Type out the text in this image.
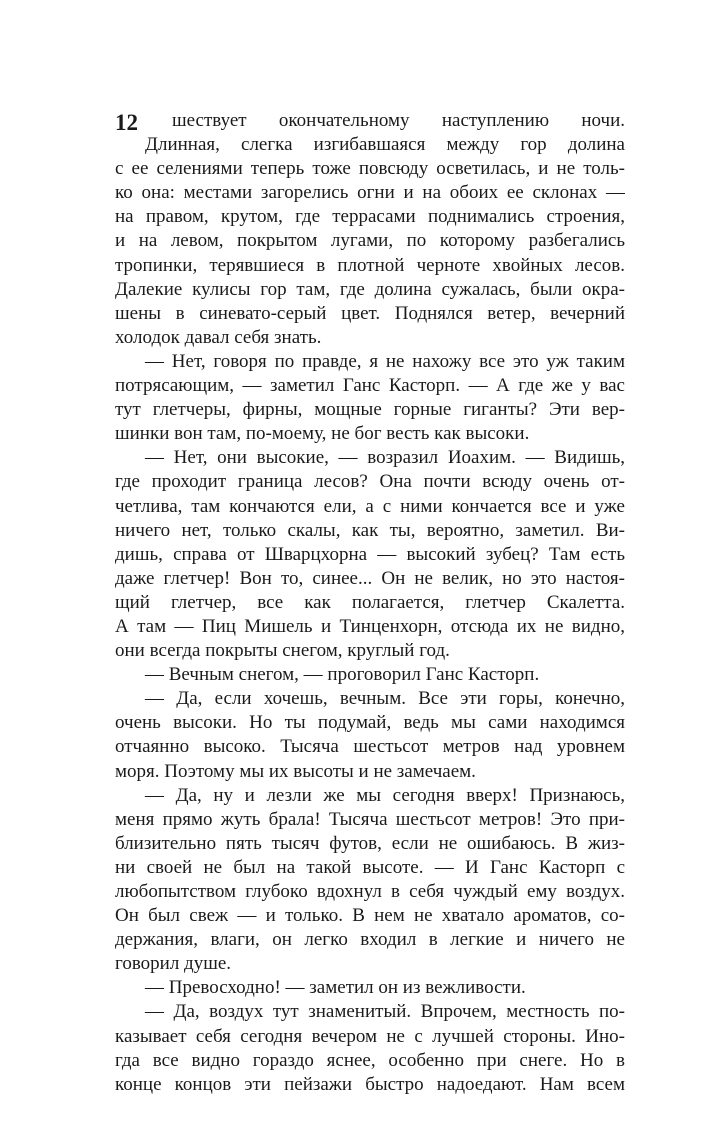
12	шествует окончательному наступлению ночи.
Длинная, слегка изгибавшаяся между гор долина
с ее селениями теперь тоже повсюду осветилась, и не толь-
ко она: местами загорелись огни и на обоих ее склонах —
на правом, крутом, где террасами поднимались строения,
и на левом, покрытом лугами, по которому разбегались
тропинки, терявшиеся в плотной черноте хвойных лесов.
Далекие кулисы гор там, где долина сужалась, были окра-
шены в синевато-серый цвет. Поднялся ветер, вечерний
холодок давал себя знать.
— Нет, говоря по правде, я не нахожу все это уж таким
потрясающим, — заметил Ганс Касторп. — А где же у вас
тут глетчеры, фирны, мощные горные гиганты? Эти вер-
шинки вон там, по-моему, не бог весть как высоки.
— Нет, они высокие, — возразил Иоахим. — Видишь,
где проходит граница лесов? Она почти всюду очень от-
четлива, там кончаются ели, а с ними кончается все и уже
ничего нет, только скалы, как ты, вероятно, заметил. Ви-
дишь, справа от Шварцхорна — высокий зубец? Там есть
даже глетчер! Вон то, синее... Он не велик, но это настоя-
щий глетчер, все как полагается, глетчер Скалетта.
А там — Пиц Мишель и Тинценхорн, отсюда их не видно,
они всегда покрыты снегом, круглый год.
— Вечным снегом, — проговорил Ганс Касторп.
— Да, если хочешь, вечным. Все эти горы, конечно,
очень высоки. Но ты подумай, ведь мы сами находимся
отчаянно высоко. Тысяча шестьсот метров над уровнем
моря. Поэтому мы их высоты и не замечаем.
— Да, ну и лезли же мы сегодня вверх! Признаюсь,
меня прямо жуть брала! Тысяча шестьсот метров! Это при-
близительно пять тысяч футов, если не ошибаюсь. В жиз-
ни своей не был на такой высоте. — И Ганс Касторп с
любопытством глубоко вдохнул в себя чуждый ему воздух.
Он был свеж — и только. В нем не хватало ароматов, со-
держания, влаги, он легко входил в легкие и ничего не
говорил душе.
— Превосходно! — заметил он из вежливости.
— Да, воздух тут знаменитый. Впрочем, местность по-
казывает себя сегодня вечером не с лучшей стороны. Ино-
гда все видно гораздо яснее, особенно при снеге. Но в
конце концов эти пейзажи быстро надоедают. Нам всем
